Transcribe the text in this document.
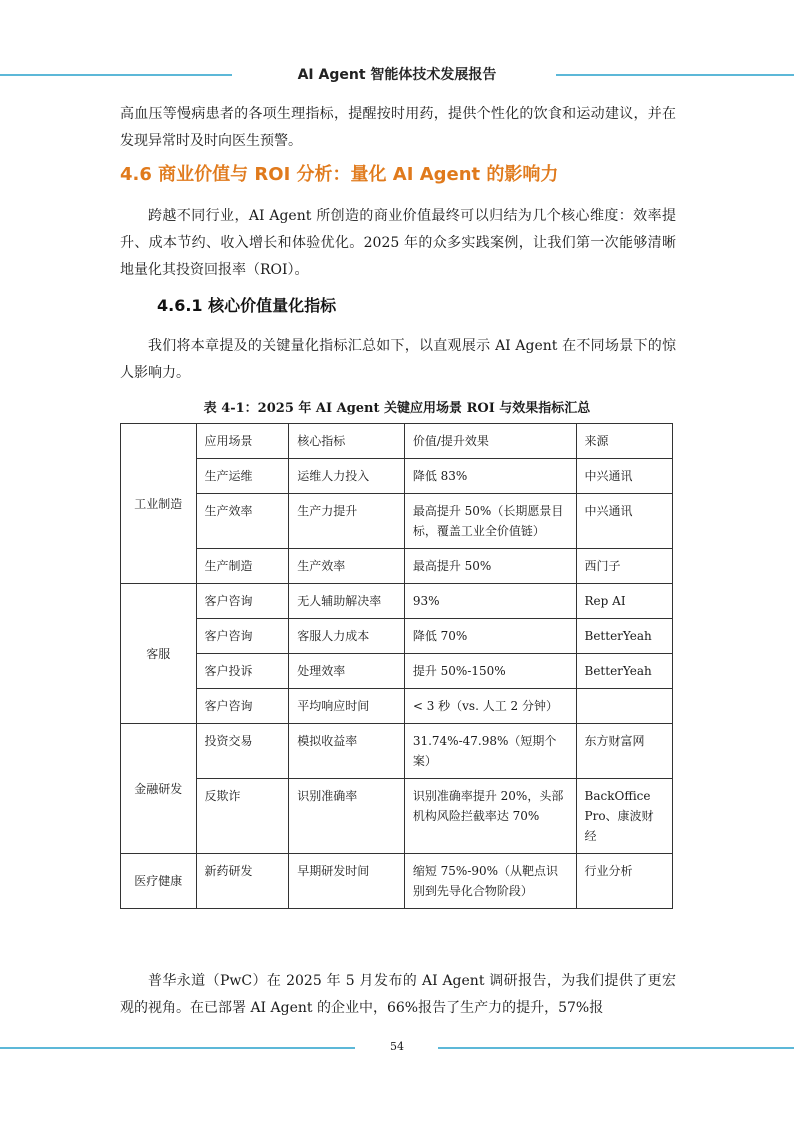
AI Agent 智能体技术发展报告

高血压等慢病患者的各项生理指标，提醒按时用药，提供个性化的饮食和运动建议，并在发现异常时及时向医生预警。

4.6 商业价值与 ROI 分析：量化 AI Agent 的影响力

跨越不同行业，AI Agent 所创造的商业价值最终可以归结为几个核心维度：效率提升、成本节约、收入增长和体验优化。2025 年的众多实践案例，让我们第一次能够清晰地量化其投资回报率（ROI）。

4.6.1 核心价值量化指标

我们将本章提及的关键量化指标汇总如下，以直观展示 AI Agent 在不同场景下的惊人影响力。

表 4-1：2025 年 AI Agent 关键应用场景 ROI 与效果指标汇总
工业制造	应用场景	核心指标	价值/提升效果	来源
	生产运维	运维人力投入	降低 83%	中兴通讯
	生产效率	生产力提升	最高提升 50%（长期愿景目标，覆盖工业全价值链）	中兴通讯
	生产制造	生产效率	最高提升 50%	西门子
客服	客户咨询	无人辅助解决率	93%	Rep AI
	客户咨询	客服人力成本	降低 70%	BetterYeah
	客户投诉	处理效率	提升 50%-150%	BetterYeah
	客户咨询	平均响应时间	< 3 秒（vs. 人工 2 分钟）	
金融研发	投资交易	模拟收益率	31.74%-47.98%（短期个案）	东方财富网
	反欺诈	识别准确率	识别准确率提升 20%，头部机构风险拦截率达 70%	BackOffice Pro、康波财经
医疗健康	新药研发	早期研发时间	缩短 75%-90%（从靶点识别到先导化合物阶段）	行业分析

普华永道（PwC）在 2025 年 5 月发布的 AI Agent 调研报告，为我们提供了更宏观的视角。在已部署 AI Agent 的企业中，66%报告了生产力的提升，57%报

54
